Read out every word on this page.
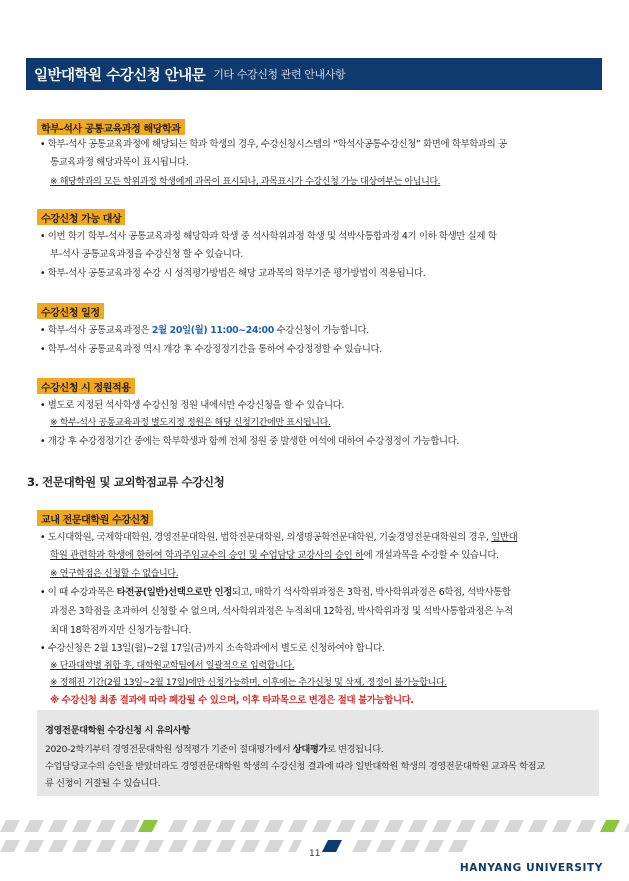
일반대학원 수강신청 안내문 기타 수강신청 관련 안내사항
학부-석사 공통교육과정 해당학과
• 학부-석사 공통교육과정에 해당되는 학과 학생의 경우, 수강신청시스템의 “학석사공통수강신청” 화면에 학부학과의 공
통교육과정 해당과목이 표시됩니다.
※ 해당학과의 모든 학위과정 학생에게 과목이 표시되나, 과목표시가 수강신청 가능 대상여부는 아닙니다.
수강신청 가능 대상
• 이번 학기 학부-석사 공통교육과정 해당학과 학생 중 석사학위과정 학생 및 석박사통합과정 4기 이하 학생만 실제 학
부-석사 공통교육과정을 수강신청 할 수 있습니다.
• 학부-석사 공통교육과정 수강 시 성적평가방법은 해당 교과목의 학부기준 평가방법이 적용됩니다.
수강신청 일정
• 학부-석사 공통교육과정은 2월 20일(월) 11:00~24:00 수강신청이 가능합니다.
• 학부-석사 공통교육과정 역시 개강 후 수강정정기간을 통하여 수강정정할 수 있습니다.
수강신청 시 정원적용
• 별도로 지정된 석사학생 수강신청 정원 내에서만 수강신청을 할 수 있습니다.
※ 학부-석사 공통교육과정 별도지정 정원은 해당 신청기간에만 표시됩니다.
• 개강 후 수강정정기간 중에는 학부학생과 함께 전체 정원 중 발생한 여석에 대하여 수강정정이 가능합니다.
3. 전문대학원 및 교외학점교류 수강신청
교내 전문대학원 수강신청
• 도시대학원, 국제학대학원, 경영전문대학원, 법학전문대학원, 의생명공학전문대학원, 기술경영전문대학원의 경우, 일반대
학원 관련학과 학생에 한하여 학과주임교수의 승인 및 수업담당 교강사의 승인 하에 개설과목을 수강할 수 있습니다.
※ 연구학점은 신청할 수 없습니다.
• 이 때 수강과목은 타전공(일반)선택으로만 인정되고, 매학기 석사학위과정은 3학점, 박사학위과정은 6학점, 석박사통합
과정은 3학점을 초과하여 신청할 수 없으며, 석사학위과정은 누적최대 12학점, 박사학위과정 및 석박사통합과정은 누적
최대 18학점까지만 신청가능합니다.
• 수강신청은 2월 13일(월)~2월 17일(금)까지 소속학과에서 별도로 신청하여야 합니다.
※ 단과대학별 취합 후, 대학원교학팀에서 일괄적으로 입력합니다.
※ 정해진 기간(2월 13일~2월 17일)에만 신청가능하며, 이후에는 추가신청 및 삭제, 정정이 불가능합니다.
※ 수강신청 최종 결과에 따라 폐강될 수 있으며, 이후 타과목으로 변경은 절대 불가능합니다.
경영전문대학원 수강신청 시 유의사항
2020-2학기부터 경영전문대학원 성적평가 기준이 절대평가에서 상대평가로 변경됩니다.
수업담당교수의 승인을 받았더라도 경영전문대학원 학생의 수강신청 결과에 따라 일반대학원 학생의 경영전문대학원 교과목 학점교
류 신청이 거절될 수 있습니다.
11
HANYANG UNIVERSITY
